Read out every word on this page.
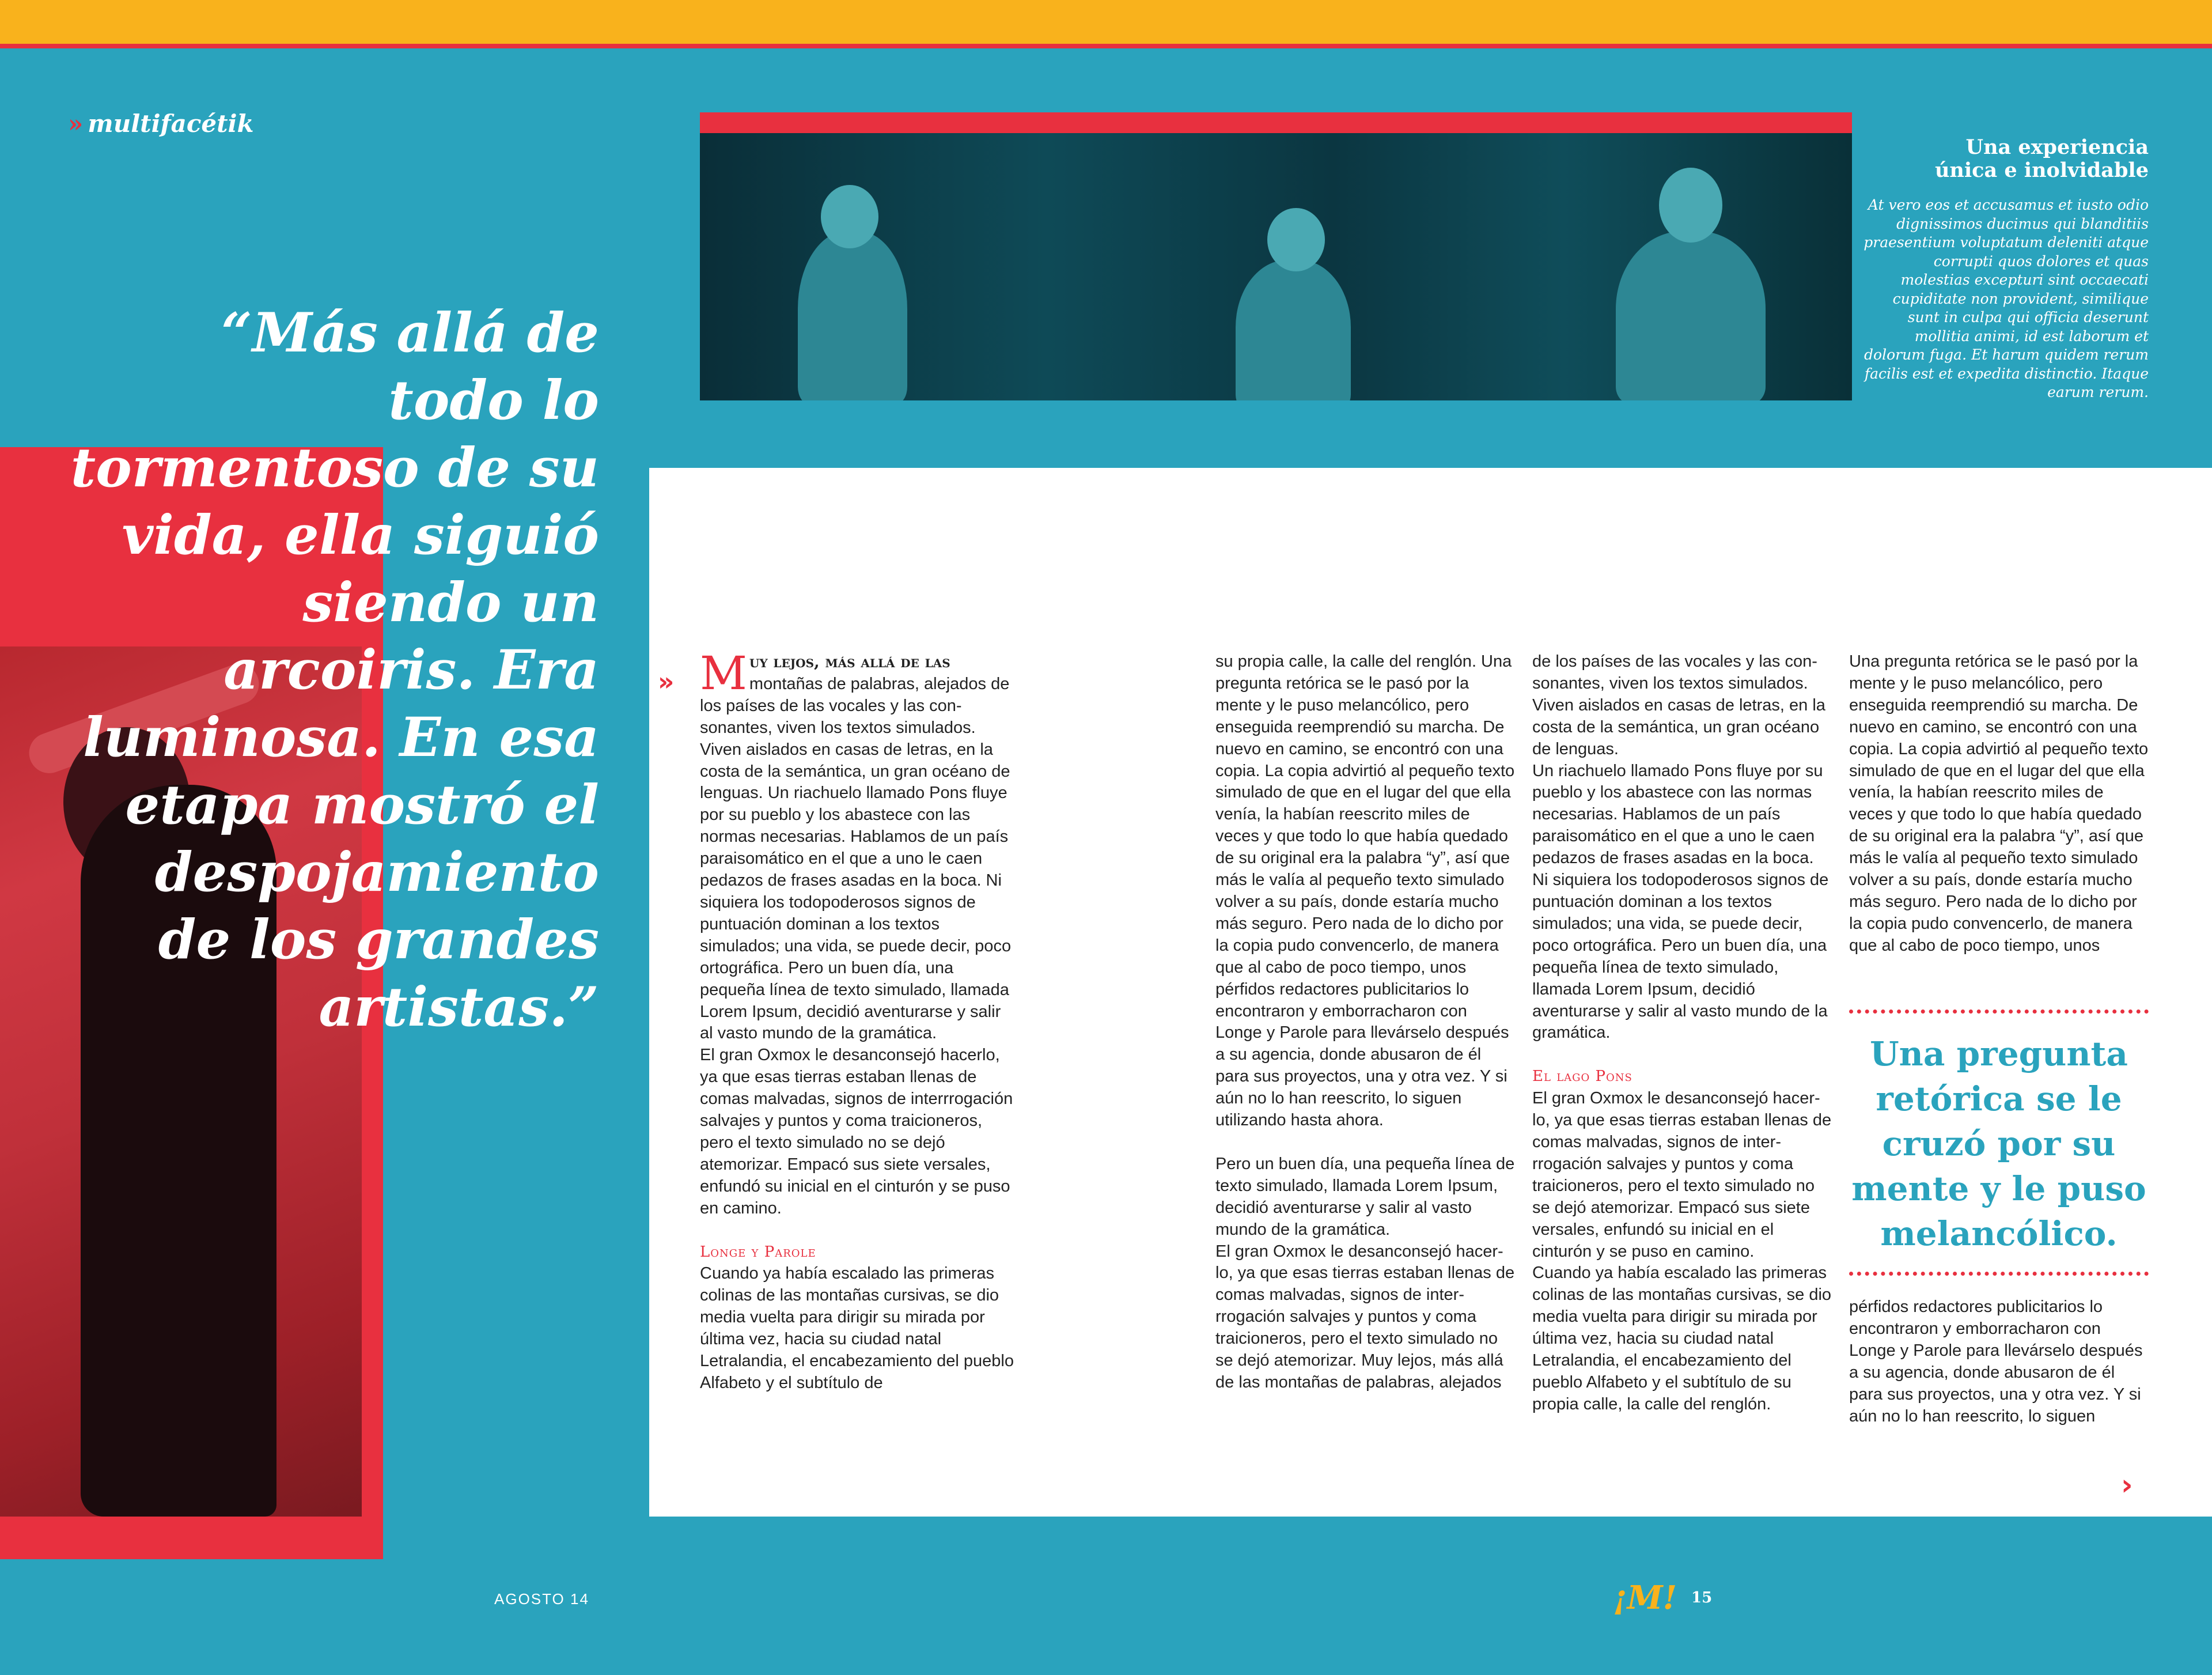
» multifacétik
“Más allá de todo lo tormentoso de su vida, ella siguió siendo un arcoiris. Era luminosa. En esa etapa mostró el despojamiento de los grandes artistas.”
Una experiencia
única e inolvidable
At vero eos et accusamus et iusto odio dignissimos ducimus qui blanditiis praesentium voluptatum deleniti atque corrupti quos dolores et quas molestias excepturi sint occaecati cupiditate non provident, similique sunt in culpa qui officia deserunt mollitia animi, id est laborum et dolorum fuga. Et harum quidem rerum facilis est et expedita distinctio. Itaque earum rerum.
» Muy lejos, más allá de las
montañas de palabras, alejados de los países de las vocales y las consonantes, viven los textos simulados. Viven aislados en casas de letras, en la costa de la semántica, un gran océano de lenguas. Un riachuelo llamado Pons fluye por su pueblo y los abastece con las normas necesarias. Hablamos de un país paraisomático en el que a uno le caen pedazos de frases asadas en la boca. Ni siquiera los todopoderosos signos de puntuación dominan a los textos simulados; una vida, se puede decir, poco ortográfica. Pero un buen día, una pequeña línea de texto simulado, llamada Lorem Ipsum, decidió aventurarse y salir al vasto mundo de la gramática.

El gran Oxmox le desanconsejó hacerlo, ya que esas tierras estaban llenas de comas malvadas, signos de interrrogación salvajes y puntos y coma traicioneros, pero el texto simulado no se dejó atemorizar. Empacó sus siete versales, enfundó su inicial en el cinturón y se puso en camino.

Longe y Parole

Cuando ya había escalado las primeras colinas de las montañas cursivas, se dio media vuelta para dirigir su mirada por última vez, hacia su ciudad natal Letralandia, el encabezamiento del pueblo Alfabeto y el subtítulo de

su propia calle, la calle del renglón. Una pregunta retórica se le pasó por la mente y le puso melancólico, pero enseguida reemprendió su marcha. De nuevo en camino, se encontró con una copia. La copia advirtió al pequeño texto simulado de que en el lugar del que ella venía, la habían reescrito miles de veces y que todo lo que había quedado de su original era la palabra “y”, así que más le valía al pequeño texto simulado volver a su país, donde estaría mucho más seguro. Pero nada de lo dicho por la copia pudo convencerlo, de manera que al cabo de poco tiempo, unos pérfidos redactores publicitarios lo encontraron y emborracharon con Longe y Parole para llevárselo después a su agencia, donde abusaron de él para sus proyectos, una y otra vez. Y si aún no lo han reescrito, lo siguen utilizando hasta ahora.

Pero un buen día, una pequeña línea de texto simulado, llamada Lorem Ipsum, decidió aventurarse y salir al vasto mundo de la gramática.

El gran Oxmox le desanconsejó hacerlo, ya que esas tierras estaban llenas de comas malvadas, signos de interrrogación salvajes y puntos y coma traicioneros, pero el texto simulado no se dejó atemorizar. Muy lejos, más allá de las montañas de palabras, alejados

de los países de las vocales y las consonantes, viven los textos simulados. Viven aislados en casas de letras, en la costa de la semántica, un gran océano de lenguas.

Un riachuelo llamado Pons fluye por su pueblo y los abastece con las normas necesarias. Hablamos de un país paraisomático en el que a uno le caen pedazos de frases asadas en la boca. Ni siquiera los todopoderosos signos de puntuación dominan a los textos simulados; una vida, se puede decir, poco ortográfica. Pero un buen día, una pequeña línea de texto simulado, llamada Lorem Ipsum, decidió aventurarse y salir al vasto mundo de la gramática.

El lago Pons

El gran Oxmox le desanconsejó hacerlo, ya que esas tierras estaban llenas de comas malvadas, signos de interrrogación salvajes y puntos y coma traicioneros, pero el texto simulado no se dejó atemorizar. Empacó sus siete versales, enfundó su inicial en el cinturón y se puso en camino.

Cuando ya había escalado las primeras colinas de las montañas cursivas, se dio media vuelta para dirigir su mirada por última vez, hacia su ciudad natal Letralandia, el encabezamiento del pueblo Alfabeto y el subtítulo de su propia calle, la calle del renglón.

Una pregunta retórica se le pasó por la mente y le puso melancólico, pero enseguida reemprendió su marcha. De nuevo en camino, se encontró con una copia. La copia advirtió al pequeño texto simulado de que en el lugar del que ella venía, la habían reescrito miles de veces y que todo lo que había quedado de su original era la palabra “y”, así que más le valía al pequeño texto simulado volver a su país, donde estaría mucho más seguro. Pero nada de lo dicho por la copia pudo convencerlo, de manera que al cabo de poco tiempo, unos

Una pregunta retórica se le cruzó por su mente y le puso melancólico.

pérfidos redactores publicitarios lo encontraron y emborracharon con Longe y Parole para llevárselo después a su agencia, donde abusaron de él para sus proyectos, una y otra vez. Y si aún no lo han reescrito, lo siguen

›
AGOSTO 14	¡M! 15
